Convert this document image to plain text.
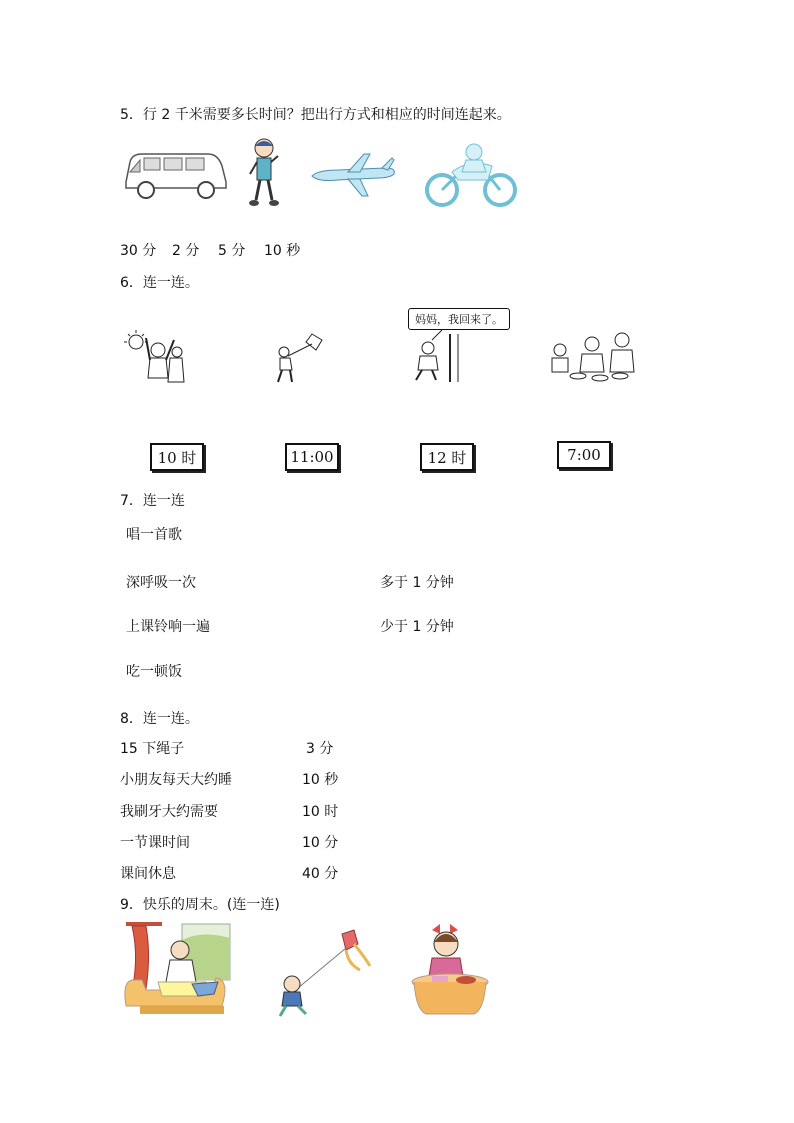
5．行 2 千米需要多长时间？把出行方式和相应的时间连起来。
30 分 2 分 5 分 10 秒
6．连一连。
妈妈，我回来了。
10 时	11:00	12 时	7:00
7．连一连
唱一首歌
深呼吸一次
上课铃响一遍
吃一顿饭
多于 1 分钟
少于 1 分钟
8．连一连。
15 下绳子
小朋友每天大约睡
我刷牙大约需要
一节课时间
课间休息
3 分
10 秒
10 时
10 分
40 分
9．快乐的周末。(连一连)
